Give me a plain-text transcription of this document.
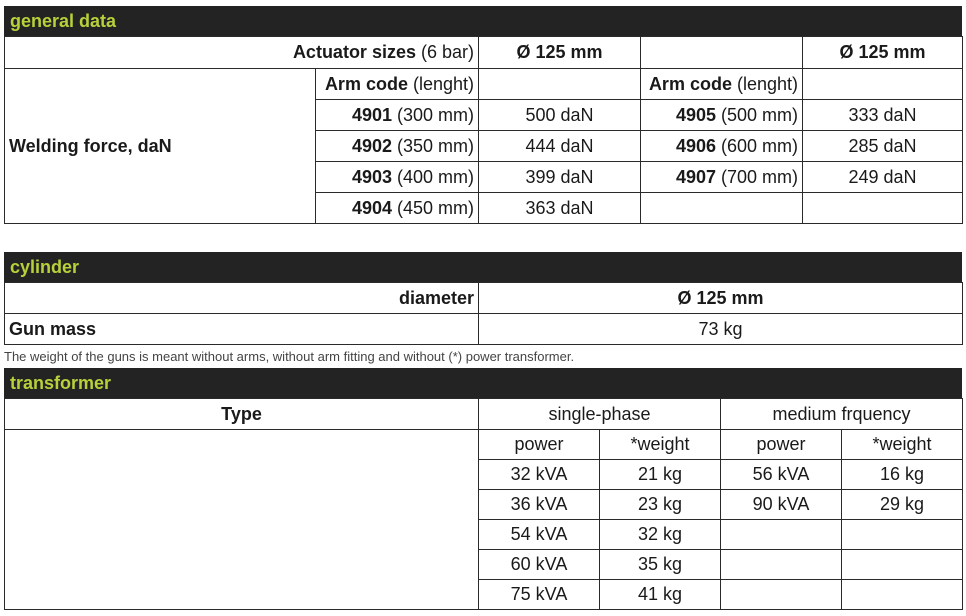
general data
Actuator sizes (6 bar)		Ø 125 mm		Ø 125 mm
Welding force, daN	Arm code (lenght)		Arm code (lenght)	
	4901 (300 mm)	500 daN	4905 (500 mm)	333 daN
	4902 (350 mm)	444 daN	4906 (600 mm)	285 daN
	4903 (400 mm)	399 daN	4907 (700 mm)	249 daN
	4904 (450 mm)	363 daN		
cylinder
diameter	Ø 125 mm
Gun mass	73 kg
The weight of the guns is meant without arms, without arm fitting and without (*) power transformer.
transformer
Type	single-phase		medium frquency	
	power	*weight	power	*weight
	32 kVA	21 kg	56 kVA	16 kg
	36 kVA	23 kg	90 kVA	29 kg
	54 kVA	32 kg		
	60 kVA	35 kg		
	75 kVA	41 kg		
